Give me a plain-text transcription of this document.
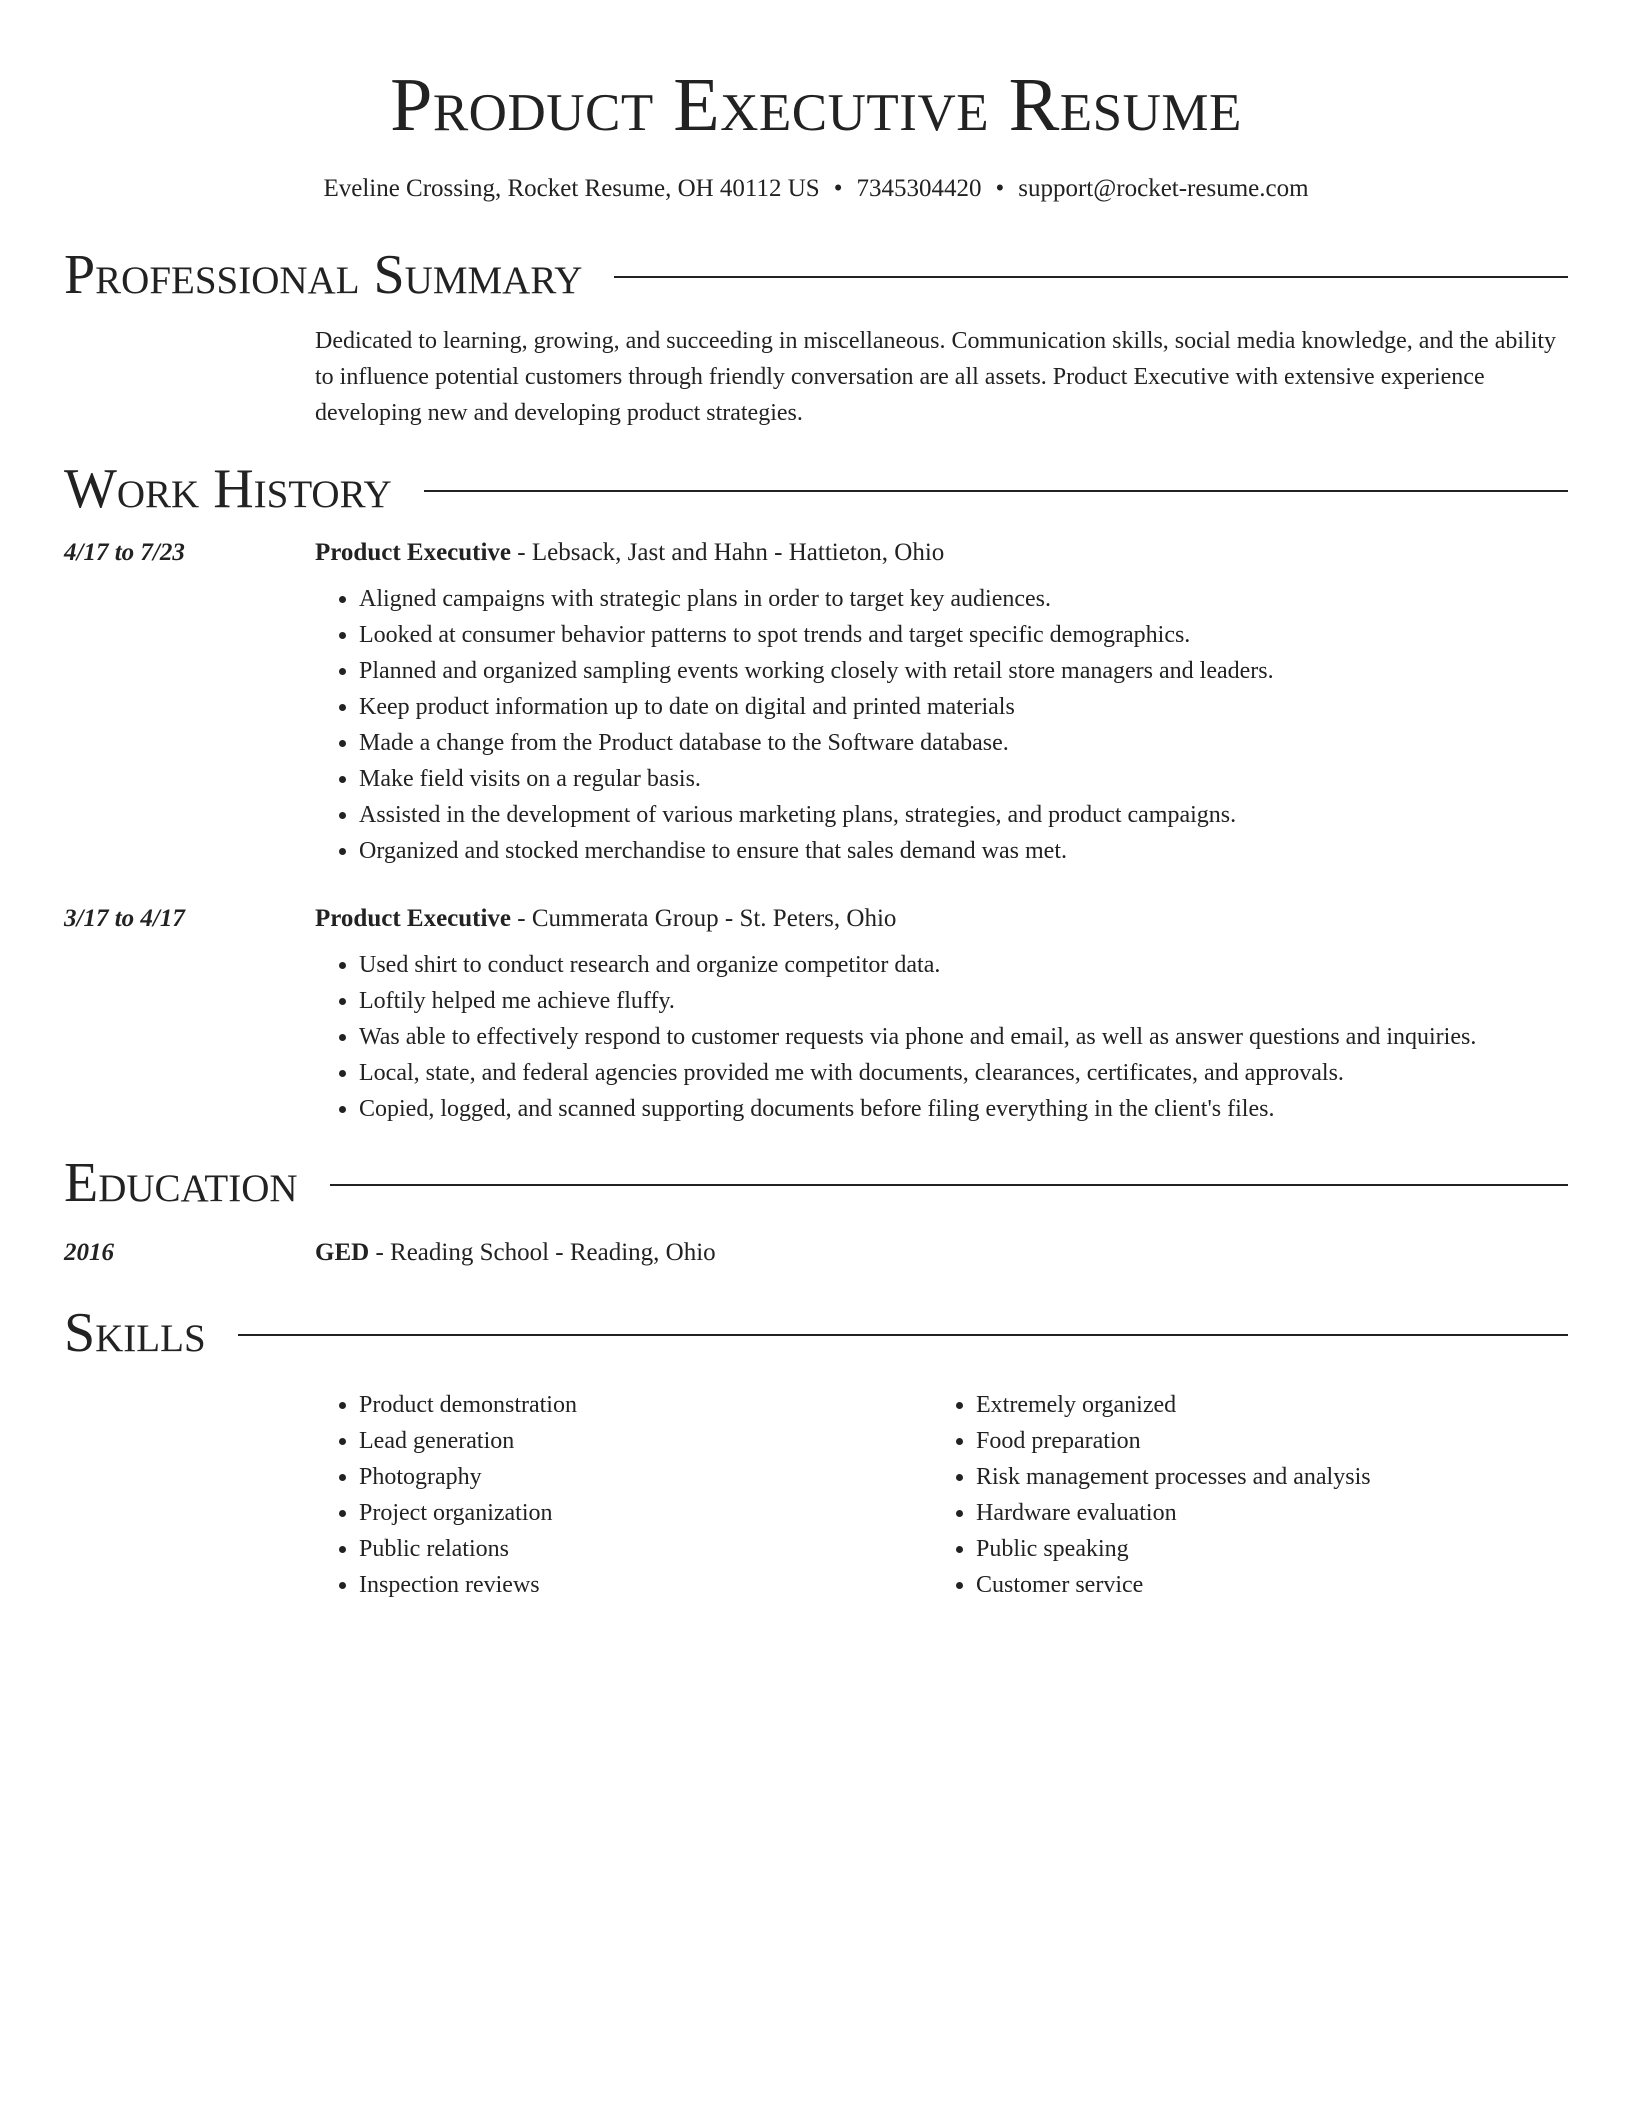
Product Executive Resume
Eveline Crossing, Rocket Resume, OH 40112 US • 7345304420 • support@rocket-resume.com
Professional Summary
Dedicated to learning, growing, and succeeding in miscellaneous. Communication skills, social media knowledge, and the ability to influence potential customers through friendly conversation are all assets. Product Executive with extensive experience developing new and developing product strategies.
Work History
4/17 to 7/23	Product Executive - Lebsack, Jast and Hahn - Hattieton, Ohio
• Aligned campaigns with strategic plans in order to target key audiences.
• Looked at consumer behavior patterns to spot trends and target specific demographics.
• Planned and organized sampling events working closely with retail store managers and leaders.
• Keep product information up to date on digital and printed materials
• Made a change from the Product database to the Software database.
• Make field visits on a regular basis.
• Assisted in the development of various marketing plans, strategies, and product campaigns.
• Organized and stocked merchandise to ensure that sales demand was met.
3/17 to 4/17	Product Executive - Cummerata Group - St. Peters, Ohio
• Used shirt to conduct research and organize competitor data.
• Loftily helped me achieve fluffy.
• Was able to effectively respond to customer requests via phone and email, as well as answer questions and inquiries.
• Local, state, and federal agencies provided me with documents, clearances, certificates, and approvals.
• Copied, logged, and scanned supporting documents before filing everything in the client's files.
Education
2016	GED - Reading School - Reading, Ohio
Skills
• Product demonstration
• Lead generation
• Photography
• Project organization
• Public relations
• Inspection reviews
• Extremely organized
• Food preparation
• Risk management processes and analysis
• Hardware evaluation
• Public speaking
• Customer service
